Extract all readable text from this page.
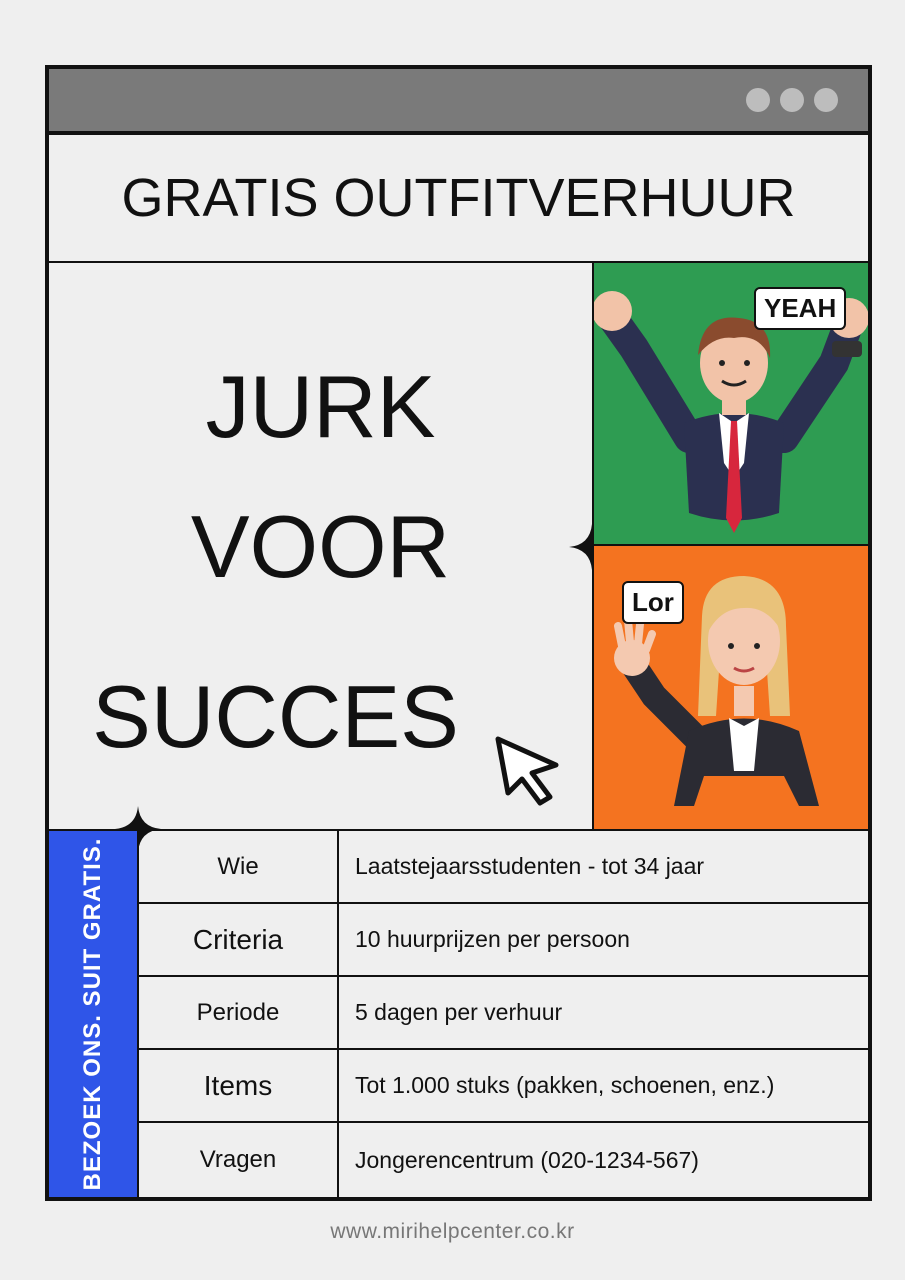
GRATIS OUTFITVERHUUR
JURK
VOOR
SUCCES
YEAH
Lor
BEZOEK ONS. SUIT GRATIS.	Wie	Laatstejaarsstudenten - tot 34 jaar
Criteria	10 huurprijzen per persoon
Periode	5 dagen per verhuur
Items	Tot 1.000 stuks (pakken, schoenen, enz.)
Vragen	Jongerencentrum (020-1234-567)
www.mirihelpcenter.co.kr
